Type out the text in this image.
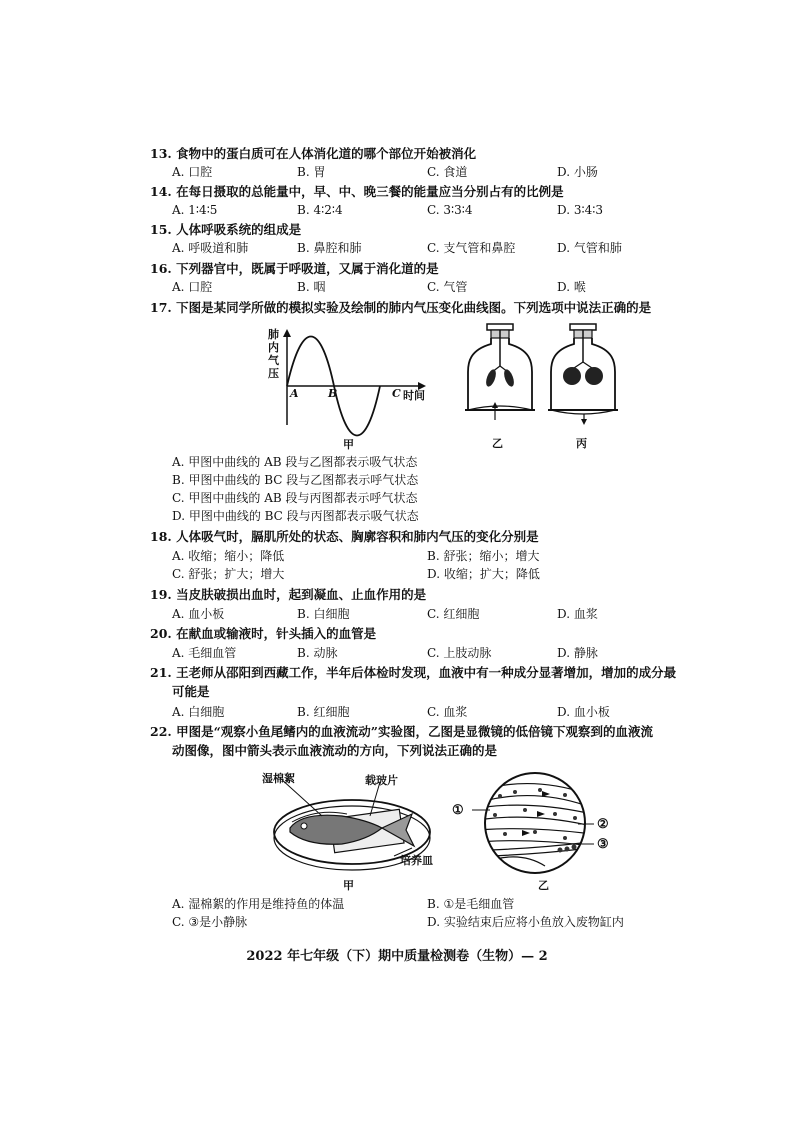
13. 食物中的蛋白质可在人体消化道的哪个部位开始被消化
A. 口腔	B. 胃	C. 食道	D. 小肠
14. 在每日摄取的总能量中，早、中、晚三餐的能量应当分别占有的比例是
A. 1∶4∶5	B. 4∶2∶4	C. 3∶3∶4	D. 3∶4∶3
15. 人体呼吸系统的组成是
A. 呼吸道和肺	B. 鼻腔和肺	C. 支气管和鼻腔	D. 气管和肺
16. 下列器官中，既属于呼吸道，又属于消化道的是
A. 口腔	B. 咽	C. 气管	D. 喉
17. 下图是某同学所做的模拟实验及绘制的肺内气压变化曲线图。下列选项中说法正确的是
肺
内
气
压
A	B	C 时间
甲	乙	丙
A. 甲图中曲线的 AB 段与乙图都表示吸气状态
B. 甲图中曲线的 BC 段与乙图都表示呼气状态
C. 甲图中曲线的 AB 段与丙图都表示呼气状态
D. 甲图中曲线的 BC 段与丙图都表示吸气状态
18. 人体吸气时，膈肌所处的状态、胸廓容积和肺内气压的变化分别是
A. 收缩；缩小；降低	B. 舒张；缩小；增大
C. 舒张；扩大；增大	D. 收缩；扩大；降低
19. 当皮肤破损出血时，起到凝血、止血作用的是
A. 血小板	B. 白细胞	C. 红细胞	D. 血浆
20. 在献血或输液时，针头插入的血管是
A. 毛细血管	B. 动脉	C. 上肢动脉	D. 静脉
21. 王老师从邵阳到西藏工作，半年后体检时发现，血液中有一种成分显著增加，增加的成分最
可能是
A. 白细胞	B. 红细胞	C. 血浆	D. 血小板
22. 甲图是“观察小鱼尾鳍内的血液流动”实验图，乙图是显微镜的低倍镜下观察到的血液流
动图像，图中箭头表示血液流动的方向，下列说法正确的是
湿棉絮	载玻片
培养皿
甲
①
②
③
乙
A. 湿棉絮的作用是维持鱼的体温	B. ①是毛细血管
C. ③是小静脉	D. 实验结束后应将小鱼放入废物缸内
2022 年七年级（下）期中质量检测卷（生物）— 2
